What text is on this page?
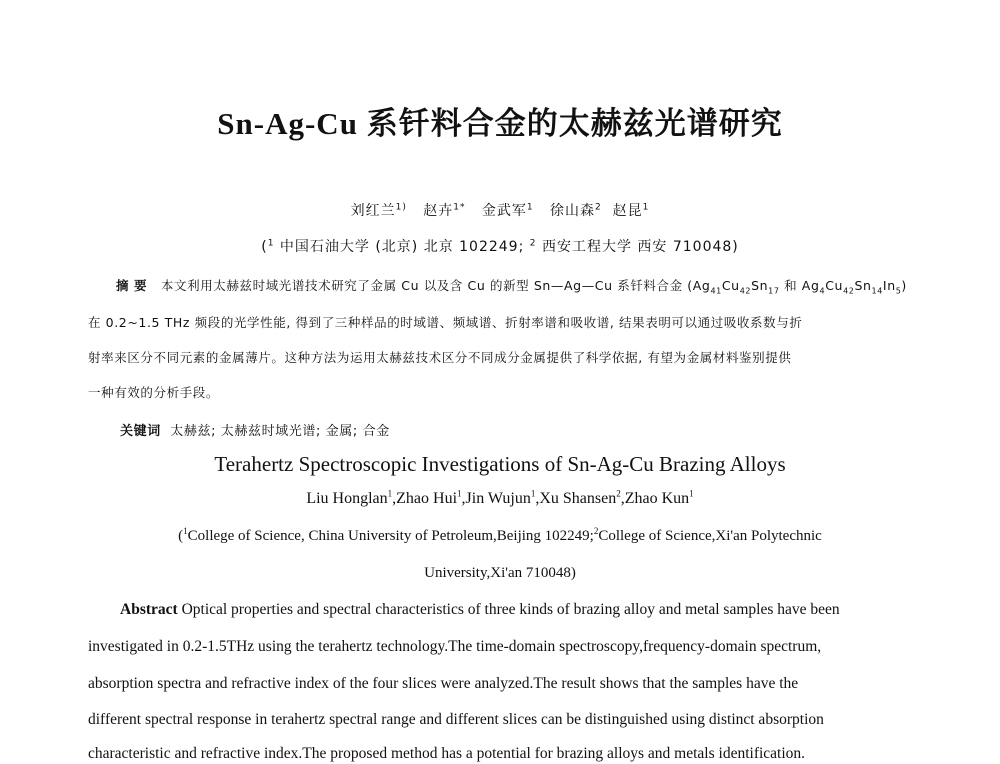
Sn-Ag-Cu 系钎料合金的太赫兹光谱研究
刘红兰$^{1)}$ 赵卉$^{1*}$ 金武军$^1$ 徐山森$^2$ 赵昆$^1$
($^1$ 中国石油大学 (北京) 北京 102249; $^2$ 西安工程大学 西安 710048)
摘 要 本文利用太赫兹时域光谱技术研究了金属 Cu 以及含 Cu 的新型 Sn—Ag—Cu 系钎料合金 ($Ag_{41}Cu_{42}Sn_{17}$ 和 $Ag_4Cu_{42}Sn_{14}In_5$)
在 0.2~1.5 THz 频段的光学性能, 得到了三种样品的时域谱、频域谱、折射率谱和吸收谱, 结果表明可以通过吸收系数与折
射率来区分不同元素的金属薄片。这种方法为运用太赫兹技术区分不同成分金属提供了科学依据, 有望为金属材料鉴别提供
一种有效的分析手段。
关键词 太赫兹; 太赫兹时域光谱; 金属; 合金
Terahertz Spectroscopic Investigations of Sn-Ag-Cu Brazing Alloys
Liu Honglan$^1$,Zhao Hui$^1$,Jin Wujun$^1$,Xu Shansen$^2$,Zhao Kun$^1$
($^1$College of Science, China University of Petroleum,Beijing 102249;$^2$College of Science,Xi'an Polytechnic
University,Xi'an 710048)
Abstract Optical properties and spectral characteristics of three kinds of brazing alloy and metal samples have been
investigated in 0.2-1.5THz using the terahertz technology.The time-domain spectroscopy,frequency-domain spectrum,
absorption spectra and refractive index of the four slices were analyzed.The result shows that the samples have the
different spectral response in terahertz spectral range and different slices can be distinguished using distinct absorption
characteristic and refractive index.The proposed method has a potential for brazing alloys and metals identification.
